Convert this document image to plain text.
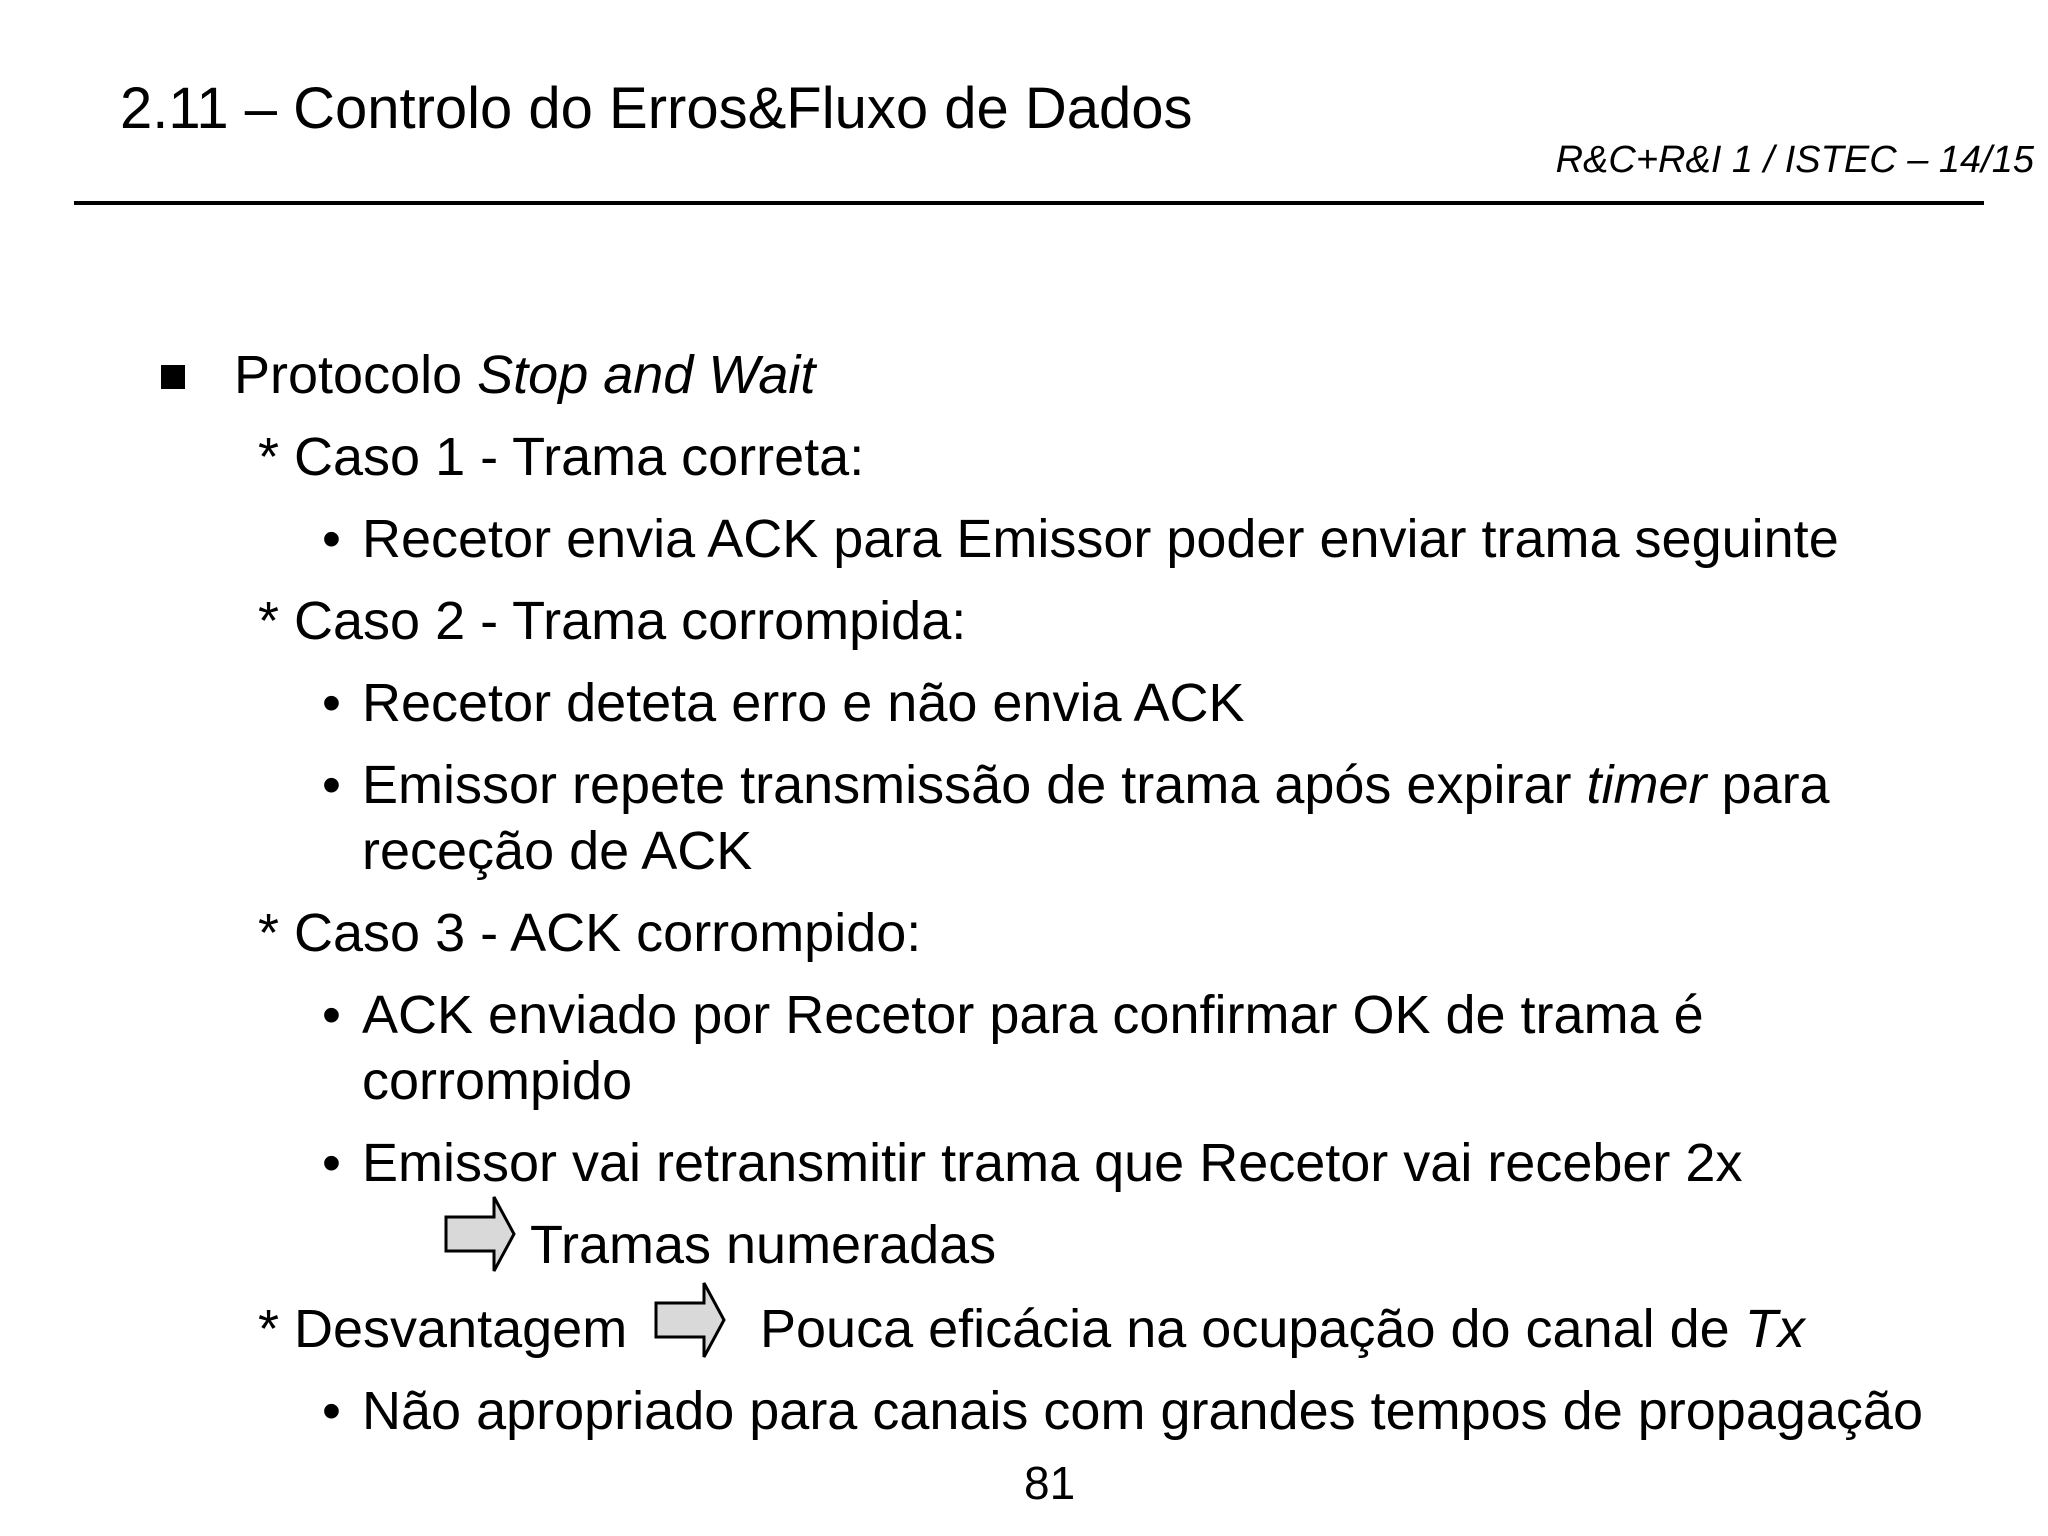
2.11 – Controlo do Erros&Fluxo de Dados
R&C+R&I 1 / ISTEC – 14/15
Protocolo Stop and Wait
* Caso 1 - Trama correta:
• Recetor envia ACK para Emissor poder enviar trama seguinte
* Caso 2 - Trama corrompida:
• Recetor deteta erro e não envia ACK
• Emissor repete transmissão de trama após expirar timer para
receção de ACK
* Caso 3 - ACK corrompido:
• ACK enviado por Recetor para confirmar OK de trama é
corrompido
• Emissor vai retransmitir trama que Recetor vai receber 2x
Tramas numeradas
* Desvantagem Pouca eficácia na ocupação do canal de Tx
• Não apropriado para canais com grandes tempos de propagação
81
